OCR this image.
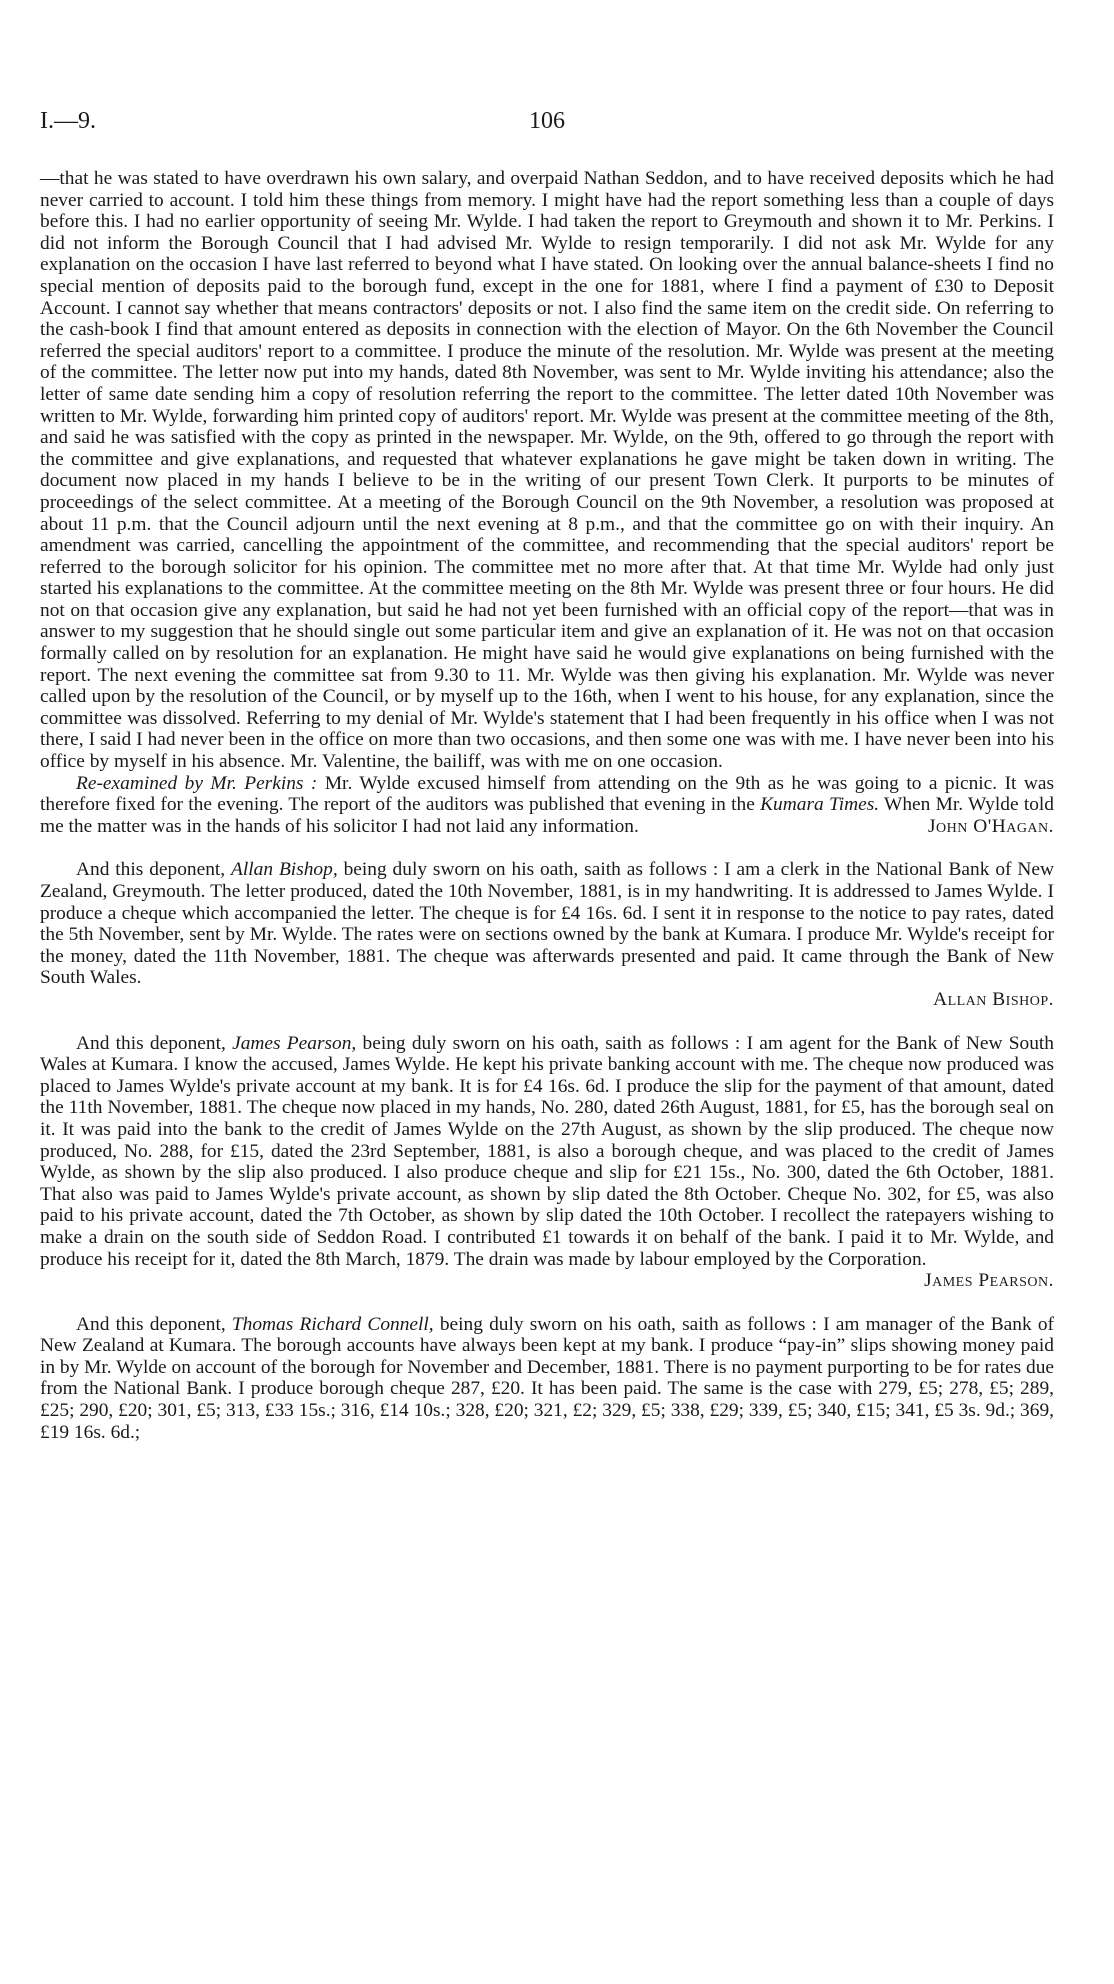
I.—9.	106

—that he was stated to have overdrawn his own salary, and overpaid Nathan Seddon, and to have received deposits which he had never carried to account. I told him these things from memory. I might have had the report something less than a couple of days before this. I had no earlier opportunity of seeing Mr. Wylde. I had taken the report to Greymouth and shown it to Mr. Perkins. I did not inform the Borough Council that I had advised Mr. Wylde to resign temporarily. I did not ask Mr. Wylde for any explanation on the occasion I have last referred to beyond what I have stated. On looking over the annual balance-sheets I find no special mention of deposits paid to the borough fund, except in the one for 1881, where I find a payment of £30 to Deposit Account. I cannot say whether that means contractors' deposits or not. I also find the same item on the credit side. On referring to the cash-book I find that amount entered as deposits in connection with the election of Mayor. On the 6th November the Council referred the special auditors' report to a committee. I produce the minute of the resolution. Mr. Wylde was present at the meeting of the committee. The letter now put into my hands, dated 8th November, was sent to Mr. Wylde inviting his attendance; also the letter of same date sending him a copy of resolution referring the report to the committee. The letter dated 10th November was written to Mr. Wylde, forwarding him printed copy of auditors' report. Mr. Wylde was present at the committee meeting of the 8th, and said he was satisfied with the copy as printed in the newspaper. Mr. Wylde, on the 9th, offered to go through the report with the committee and give explanations, and requested that whatever explanations he gave might be taken down in writing. The document now placed in my hands I believe to be in the writing of our present Town Clerk. It purports to be minutes of proceedings of the select committee. At a meeting of the Borough Council on the 9th November, a resolution was proposed at about 11 p.m. that the Council adjourn until the next evening at 8 p.m., and that the committee go on with their inquiry. An amendment was carried, cancelling the appointment of the committee, and recommending that the special auditors' report be referred to the borough solicitor for his opinion. The committee met no more after that. At that time Mr. Wylde had only just started his explanations to the committee. At the committee meeting on the 8th Mr. Wylde was present three or four hours. He did not on that occasion give any explanation, but said he had not yet been furnished with an official copy of the report—that was in answer to my suggestion that he should single out some particular item and give an explanation of it. He was not on that occasion formally called on by resolution for an explanation. He might have said he would give explanations on being furnished with the report. The next evening the committee sat from 9.30 to 11. Mr. Wylde was then giving his explanation. Mr. Wylde was never called upon by the resolution of the Council, or by myself up to the 16th, when I went to his house, for any explanation, since the committee was dissolved. Referring to my denial of Mr. Wylde's statement that I had been frequently in his office when I was not there, I said I had never been in the office on more than two occasions, and then some one was with me. I have never been into his office by myself in his absence. Mr. Valentine, the bailiff, was with me on one occasion.

Re-examined by Mr. Perkins : Mr. Wylde excused himself from attending on the 9th as he was going to a picnic. It was therefore fixed for the evening. The report of the auditors was published that evening in the Kumara Times. When Mr. Wylde told me the matter was in the hands of his solicitor I had not laid any information.	John O'Hagan.

And this deponent, Allan Bishop, being duly sworn on his oath, saith as follows : I am a clerk in the National Bank of New Zealand, Greymouth. The letter produced, dated the 10th November, 1881, is in my handwriting. It is addressed to James Wylde. I produce a cheque which accompanied the letter. The cheque is for £4 16s. 6d. I sent it in response to the notice to pay rates, dated the 5th November, sent by Mr. Wylde. The rates were on sections owned by the bank at Kumara. I produce Mr. Wylde's receipt for the money, dated the 11th November, 1881. The cheque was afterwards presented and paid. It came through the Bank of New South Wales.

Allan Bishop.

And this deponent, James Pearson, being duly sworn on his oath, saith as follows : I am agent for the Bank of New South Wales at Kumara. I know the accused, James Wylde. He kept his private banking account with me. The cheque now produced was placed to James Wylde's private account at my bank. It is for £4 16s. 6d. I produce the slip for the payment of that amount, dated the 11th November, 1881. The cheque now placed in my hands, No. 280, dated 26th August, 1881, for £5, has the borough seal on it. It was paid into the bank to the credit of James Wylde on the 27th August, as shown by the slip produced. The cheque now produced, No. 288, for £15, dated the 23rd September, 1881, is also a borough cheque, and was placed to the credit of James Wylde, as shown by the slip also produced. I also produce cheque and slip for £21 15s., No. 300, dated the 6th October, 1881. That also was paid to James Wylde's private account, as shown by slip dated the 8th October. Cheque No. 302, for £5, was also paid to his private account, dated the 7th October, as shown by slip dated the 10th October. I recollect the ratepayers wishing to make a drain on the south side of Seddon Road. I contributed £1 towards it on behalf of the bank. I paid it to Mr. Wylde, and produce his receipt for it, dated the 8th March, 1879. The drain was made by labour employed by the Corporation.

James Pearson.

And this deponent, Thomas Richard Connell, being duly sworn on his oath, saith as follows : I am manager of the Bank of New Zealand at Kumara. The borough accounts have always been kept at my bank. I produce “pay-in” slips showing money paid in by Mr. Wylde on account of the borough for November and December, 1881. There is no payment purporting to be for rates due from the National Bank. I produce borough cheque 287, £20. It has been paid. The same is the case with 279, £5; 278, £5; 289, £25; 290, £20; 301, £5; 313, £33 15s.; 316, £14 10s.; 328, £20; 321, £2; 329, £5; 338, £29; 339, £5; 340, £15; 341, £5 3s. 9d.; 369, £19 16s. 6d.;
